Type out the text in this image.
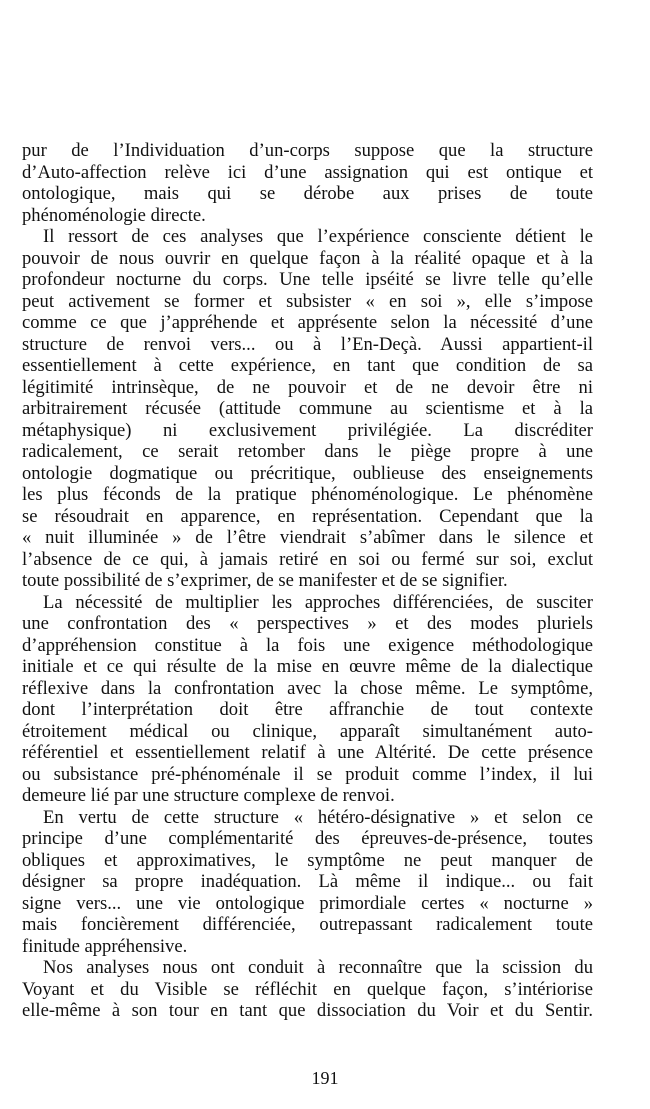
pur de l’Individuation d’un-corps suppose que la structure
d’Auto-affection relève ici d’une assignation qui est ontique et
ontologique, mais qui se dérobe aux prises de toute
phénoménologie directe.
Il ressort de ces analyses que l’expérience consciente détient le
pouvoir de nous ouvrir en quelque façon à la réalité opaque et à la
profondeur nocturne du corps. Une telle ipséité se livre telle qu’elle
peut activement se former et subsister « en soi », elle s’impose
comme ce que j’appréhende et apprésente selon la nécessité d’une
structure de renvoi vers... ou à l’En-Deçà. Aussi appartient-il
essentiellement à cette expérience, en tant que condition de sa
légitimité intrinsèque, de ne pouvoir et de ne devoir être ni
arbitrairement récusée (attitude commune au scientisme et à la
métaphysique) ni exclusivement privilégiée. La discréditer
radicalement, ce serait retomber dans le piège propre à une
ontologie dogmatique ou précritique, oublieuse des enseignements
les plus féconds de la pratique phénoménologique. Le phénomène
se résoudrait en apparence, en représentation. Cependant que la
« nuit illuminée » de l’être viendrait s’abîmer dans le silence et
l’absence de ce qui, à jamais retiré en soi ou fermé sur soi, exclut
toute possibilité de s’exprimer, de se manifester et de se signifier.
La nécessité de multiplier les approches différenciées, de susciter
une confrontation des « perspectives » et des modes pluriels
d’appréhension constitue à la fois une exigence méthodologique
initiale et ce qui résulte de la mise en œuvre même de la dialectique
réflexive dans la confrontation avec la chose même. Le symptôme,
dont l’interprétation doit être affranchie de tout contexte
étroitement médical ou clinique, apparaît simultanément auto-
référentiel et essentiellement relatif à une Altérité. De cette présence
ou subsistance pré-phénoménale il se produit comme l’index, il lui
demeure lié par une structure complexe de renvoi.
En vertu de cette structure « hétéro-désignative » et selon ce
principe d’une complémentarité des épreuves-de-présence, toutes
obliques et approximatives, le symptôme ne peut manquer de
désigner sa propre inadéquation. Là même il indique... ou fait
signe vers... une vie ontologique primordiale certes « nocturne »
mais foncièrement différenciée, outrepassant radicalement toute
finitude appréhensive.
Nos analyses nous ont conduit à reconnaître que la scission du
Voyant et du Visible se réfléchit en quelque façon, s’intériorise
elle-même à son tour en tant que dissociation du Voir et du Sentir.
191
